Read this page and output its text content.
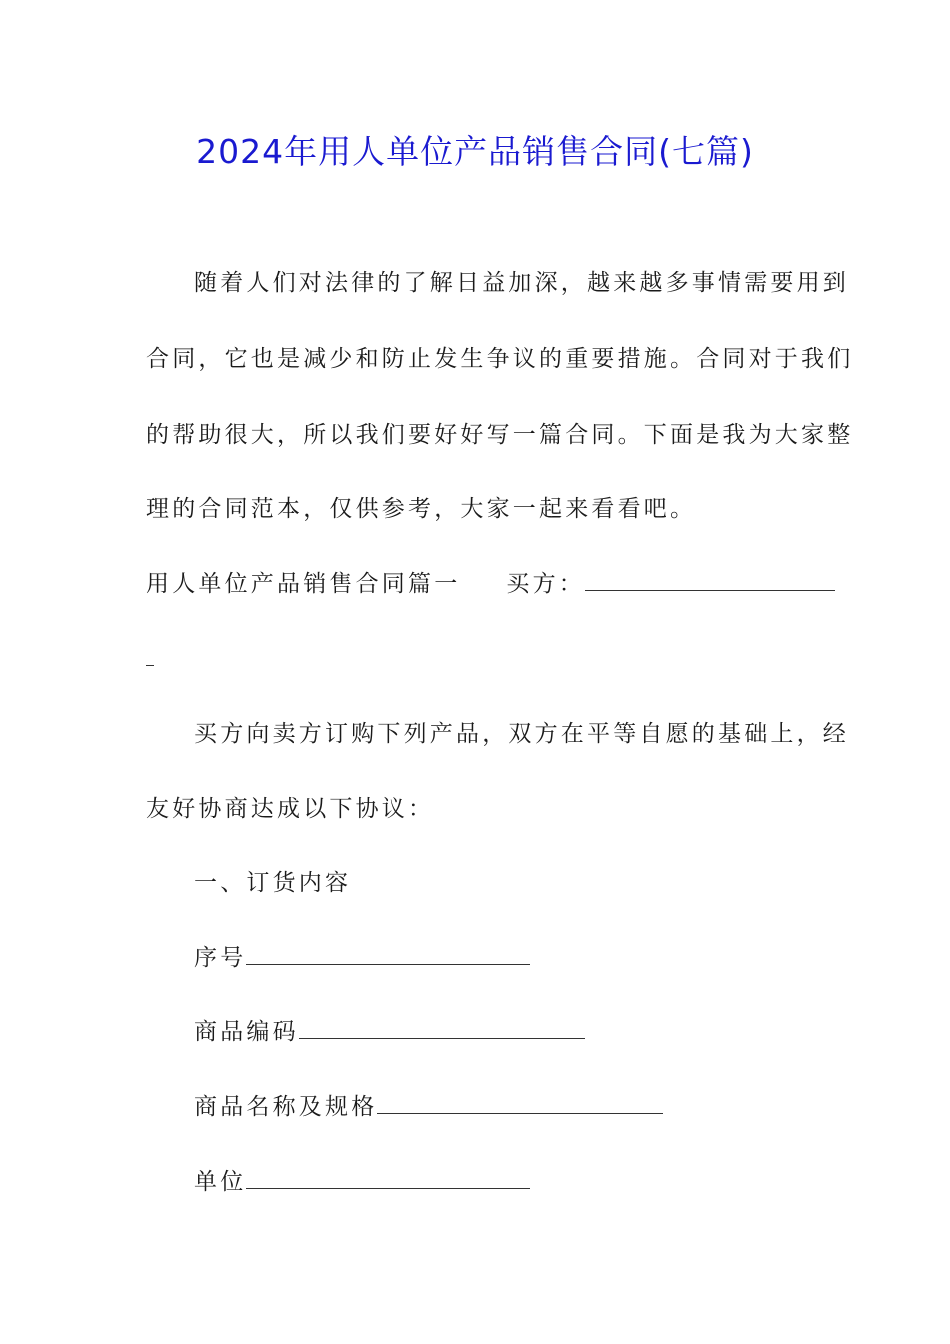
2024年用人单位产品销售合同(七篇)
随着人们对法律的了解日益加深，越来越多事情需要用到
合同，它也是减少和防止发生争议的重要措施。合同对于我们
的帮助很大，所以我们要好好写一篇合同。下面是我为大家整
理的合同范本，仅供参考，大家一起来看看吧。
用人单位产品销售合同篇一 买方：
买方向卖方订购下列产品，双方在平等自愿的基础上，经
友好协商达成以下协议：
一、订货内容
序号
商品编码
商品名称及规格
单位
